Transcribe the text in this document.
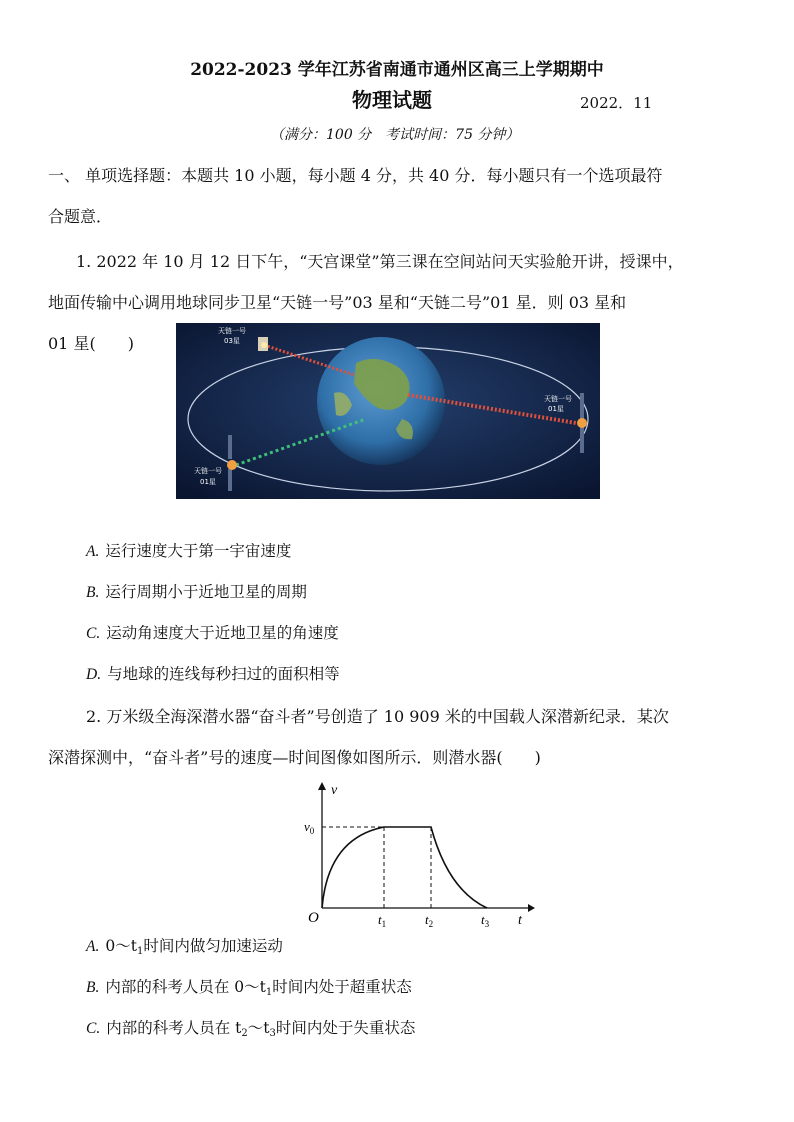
2022-2023 学年江苏省南通市通州区高三上学期期中
物理试题	2022．11
（满分：100 分　考试时间：75 分钟）
一、 单项选择题：本题共 10 小题，每小题 4 分，共 40 分．每小题只有一个选项最符
合题意．
1. 2022 年 10 月 12 日下午，“天宫课堂”第三课在空间站问天实验舱开讲，授课中，
地面传输中心调用地球同步卫星“天链一号”03 星和“天链二号”01 星．则 03 星和
01 星(　　)
天链一号
03星
天链一号
01星
天链一号
01星
A. 运行速度大于第一宇宙速度
B. 运行周期小于近地卫星的周期
C. 运动角速度大于近地卫星的角速度
D. 与地球的连线每秒扫过的面积相等
2. 万米级全海深潜水器“奋斗者”号创造了 10 909 米的中国载人深潜新纪录．某次
深潜探测中，“奋斗者”号的速度—时间图像如图所示．则潜水器(　　)
v
t
O
$v_0$
$t_1$	$t_2$	$t_3$
A. $0\sim t_1$时间内做匀加速运动
B. 内部的科考人员在 $0\sim t_1$时间内处于超重状态
C. 内部的科考人员在 $t_2\sim t_3$时间内处于失重状态
